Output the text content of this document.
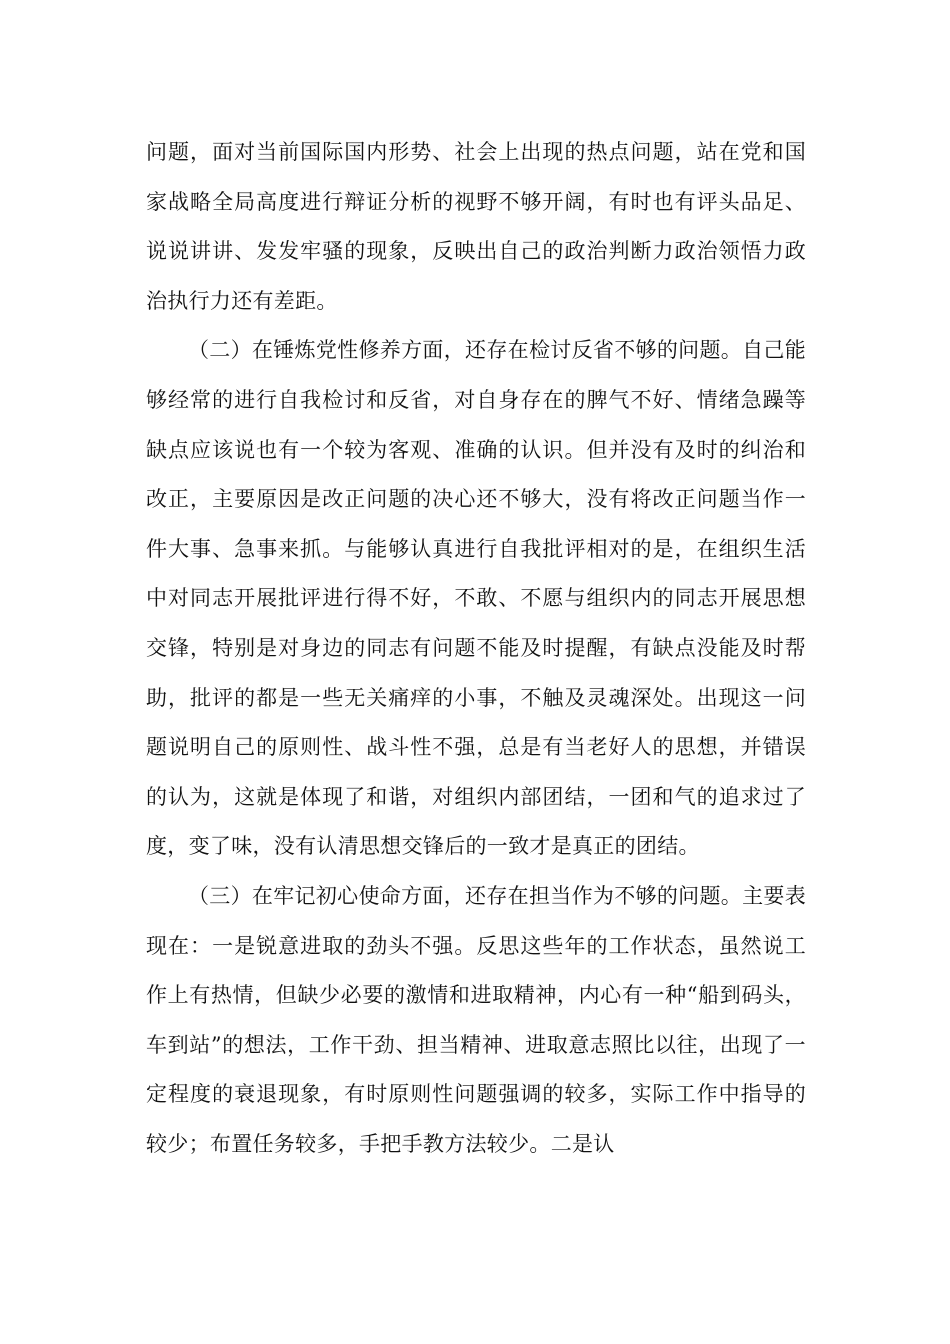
问题，面对当前国际国内形势、社会上出现的热点问题，站在党和国家战略全局高度进行辩证分析的视野不够开阔，有时也有评头品足、说说讲讲、发发牢骚的现象，反映出自己的政治判断力政治领悟力政治执行力还有差距。

（二）在锤炼党性修养方面，还存在检讨反省不够的问题。自己能够经常的进行自我检讨和反省，对自身存在的脾气不好、情绪急躁等缺点应该说也有一个较为客观、准确的认识。但并没有及时的纠治和改正，主要原因是改正问题的决心还不够大，没有将改正问题当作一件大事、急事来抓。与能够认真进行自我批评相对的是，在组织生活中对同志开展批评进行得不好，不敢、不愿与组织内的同志开展思想交锋，特别是对身边的同志有问题不能及时提醒，有缺点没能及时帮助，批评的都是一些无关痛痒的小事，不触及灵魂深处。出现这一问题说明自己的原则性、战斗性不强，总是有当老好人的思想，并错误的认为，这就是体现了和谐，对组织内部团结，一团和气的追求过了度，变了味，没有认清思想交锋后的一致才是真正的团结。

（三）在牢记初心使命方面，还存在担当作为不够的问题。主要表现在：一是锐意进取的劲头不强。反思这些年的工作状态，虽然说工作上有热情，但缺少必要的激情和进取精神，内心有一种“船到码头，车到站”的想法，工作干劲、担当精神、进取意志照比以往，出现了一定程度的衰退现象，有时原则性问题强调的较多，实际工作中指导的较少；布置任务较多，手把手教方法较少。二是认
